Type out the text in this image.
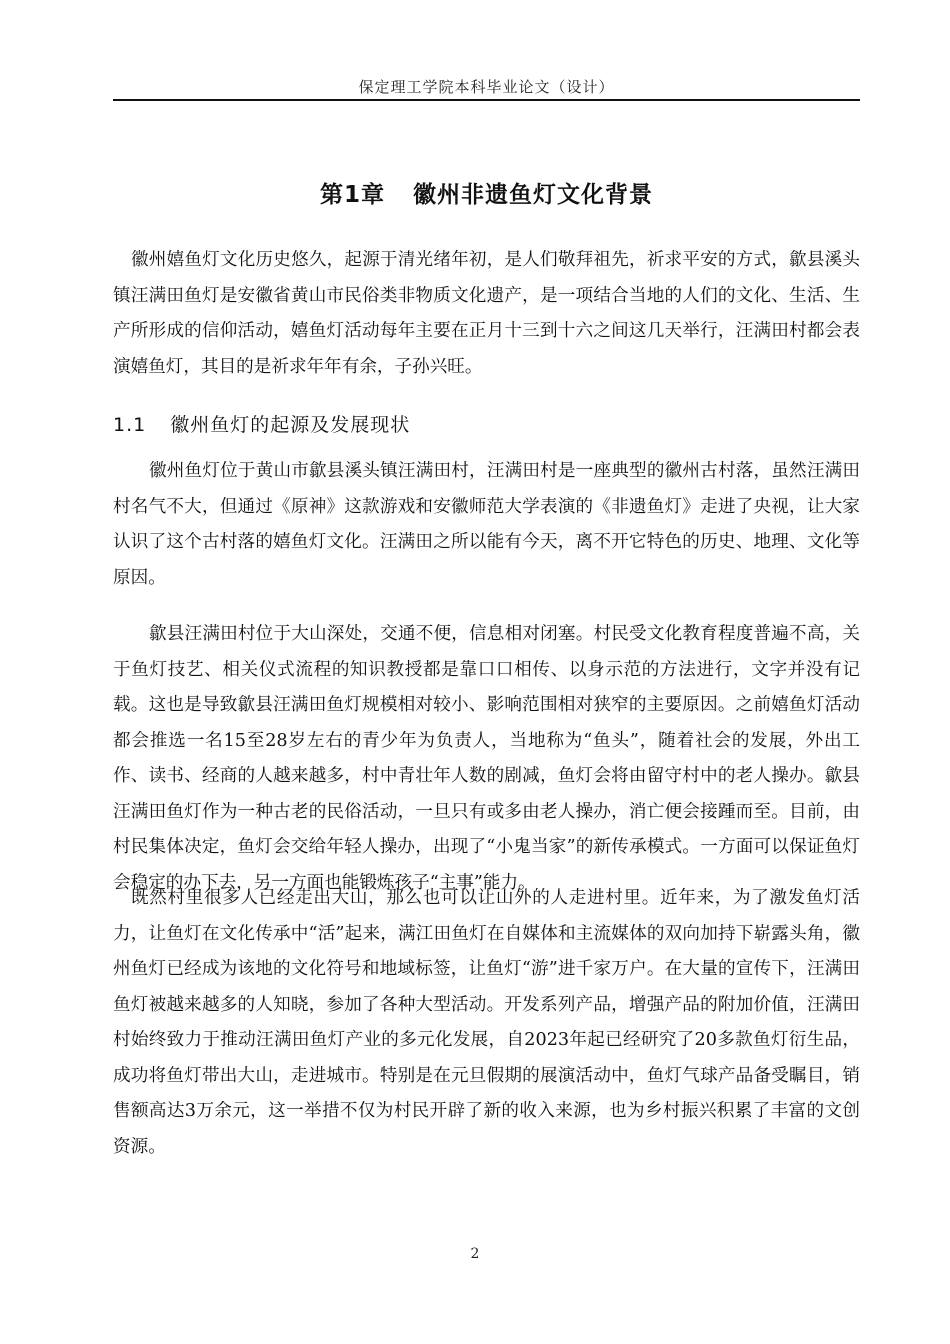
保定理工学院本科毕业论文（设计）
第1章 徽州非遗鱼灯文化背景

徽州嬉鱼灯文化历史悠久，起源于清光绪年初，是人们敬拜祖先，祈求平安的方式，歙县溪头镇汪满田鱼灯是安徽省黄山市民俗类非物质文化遗产，是一项结合当地的人们的文化、生活、生产所形成的信仰活动，嬉鱼灯活动每年主要在正月十三到十六之间这几天举行，汪满田村都会表演嬉鱼灯，其目的是祈求年年有余，子孙兴旺。

1.1 徽州鱼灯的起源及发展现状

徽州鱼灯位于黄山市歙县溪头镇汪满田村，汪满田村是一座典型的徽州古村落，虽然汪满田村名气不大，但通过《原神》这款游戏和安徽师范大学表演的《非遗鱼灯》走进了央视，让大家认识了这个古村落的嬉鱼灯文化。汪满田之所以能有今天，离不开它特色的历史、地理、文化等原因。

歙县汪满田村位于大山深处，交通不便，信息相对闭塞。村民受文化教育程度普遍不高，关于鱼灯技艺、相关仪式流程的知识教授都是靠口口相传、以身示范的方法进行，文字并没有记载。这也是导致歙县汪满田鱼灯规模相对较小、影响范围相对狭窄的主要原因。之前嬉鱼灯活动都会推选一名15至28岁左右的青少年为负责人，当地称为“鱼头”，随着社会的发展，外出工作、读书、经商的人越来越多，村中青壮年人数的剧减，鱼灯会将由留守村中的老人操办。歙县汪满田鱼灯作为一种古老的民俗活动，一旦只有或多由老人操办，消亡便会接踵而至。目前，由村民集体决定，鱼灯会交给年轻人操办，出现了“小鬼当家”的新传承模式。一方面可以保证鱼灯会稳定的办下去，另一方面也能锻炼孩子“主事”能力。

既然村里很多人已经走出大山，那么也可以让山外的人走进村里。近年来，为了激发鱼灯活力，让鱼灯在文化传承中“活”起来，满江田鱼灯在自媒体和主流媒体的双向加持下崭露头角，徽州鱼灯已经成为该地的文化符号和地域标签，让鱼灯“游”进千家万户。在大量的宣传下，汪满田鱼灯被越来越多的人知晓，参加了各种大型活动。开发系列产品，增强产品的附加价值，汪满田村始终致力于推动汪满田鱼灯产业的多元化发展，自2023年起已经研究了20多款鱼灯衍生品，成功将鱼灯带出大山，走进城市。特别是在元旦假期的展演活动中，鱼灯气球产品备受瞩目，销售额高达3万余元，这一举措不仅为村民开辟了新的收入来源，也为乡村振兴积累了丰富的文创资源。

2
